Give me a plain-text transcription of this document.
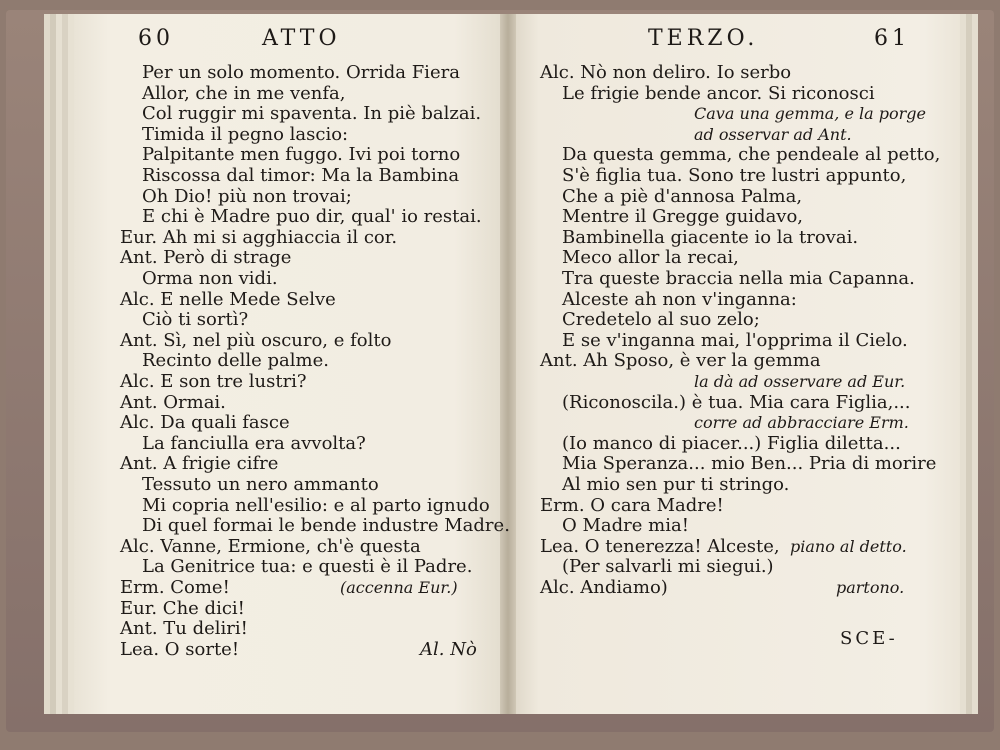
60	ATTO	TERZO.	61
Per un solo momento. Orrida Fiera
Allor, che in me venfa,
Col ruggir mi spaventa. In piè balzai.
Timida il pegno lascio:
Palpitante men fuggo. Ivi poi torno
Riscossa dal timor: Ma la Bambina
Oh Dio! più non trovai;
E chi è Madre puo dir, qual' io restai.
Eur. Ah mi si agghiaccia il cor.
Ant. Però di strage
Orma non vidi.
Alc. E nelle Mede Selve
Ciò ti sortì?
Ant. Sì, nel più oscuro, e folto
Recinto delle palme.
Alc. E son tre lustri?
Ant. Ormai.
Alc. Da quali fasce
La fanciulla era avvolta?
Ant. A frigie cifre
Tessuto un nero ammanto
Mi copria nell'esilio: e al parto ignudo
Di quel formai le bende industre Madre.
Alc. Vanne, Ermione, ch'è questa
La Genitrice tua: e questi è il Padre.
Erm. Come!	(accenna Eur.)
Eur. Che dici!
Ant. Tu deliri!
Lea. O sorte!	Al. Nò
Alc. Nò non deliro. Io serbo
Le frigie bende ancor. Si riconosci
Cava una gemma, e la porge
ad osservar ad Ant.
Da questa gemma, che pendeale al petto,
S'è figlia tua. Sono tre lustri appunto,
Che a piè d'annosa Palma,
Mentre il Gregge guidavo,
Bambinella giacente io la trovai.
Meco allor la recai,
Tra queste braccia nella mia Capanna.
Alceste ah non v'inganna:
Credetelo al suo zelo;
E se v'inganna mai, l'opprima il Cielo.
Ant. Ah Sposo, è ver la gemma
la dà ad osservare ad Eur.
(Riconoscila.) è tua. Mia cara Figlia,...
corre ad abbracciare Erm.
(Io manco di piacer...) Figlia diletta...
Mia Speranza... mio Ben... Pria di morire
Al mio sen pur ti stringo.
Erm. O cara Madre!
O Madre mia!
Lea. O tenerezza! Alceste, piano al detto.
(Per salvarli mi siegui.)
Alc. Andiamo)	partono.
SCE-
